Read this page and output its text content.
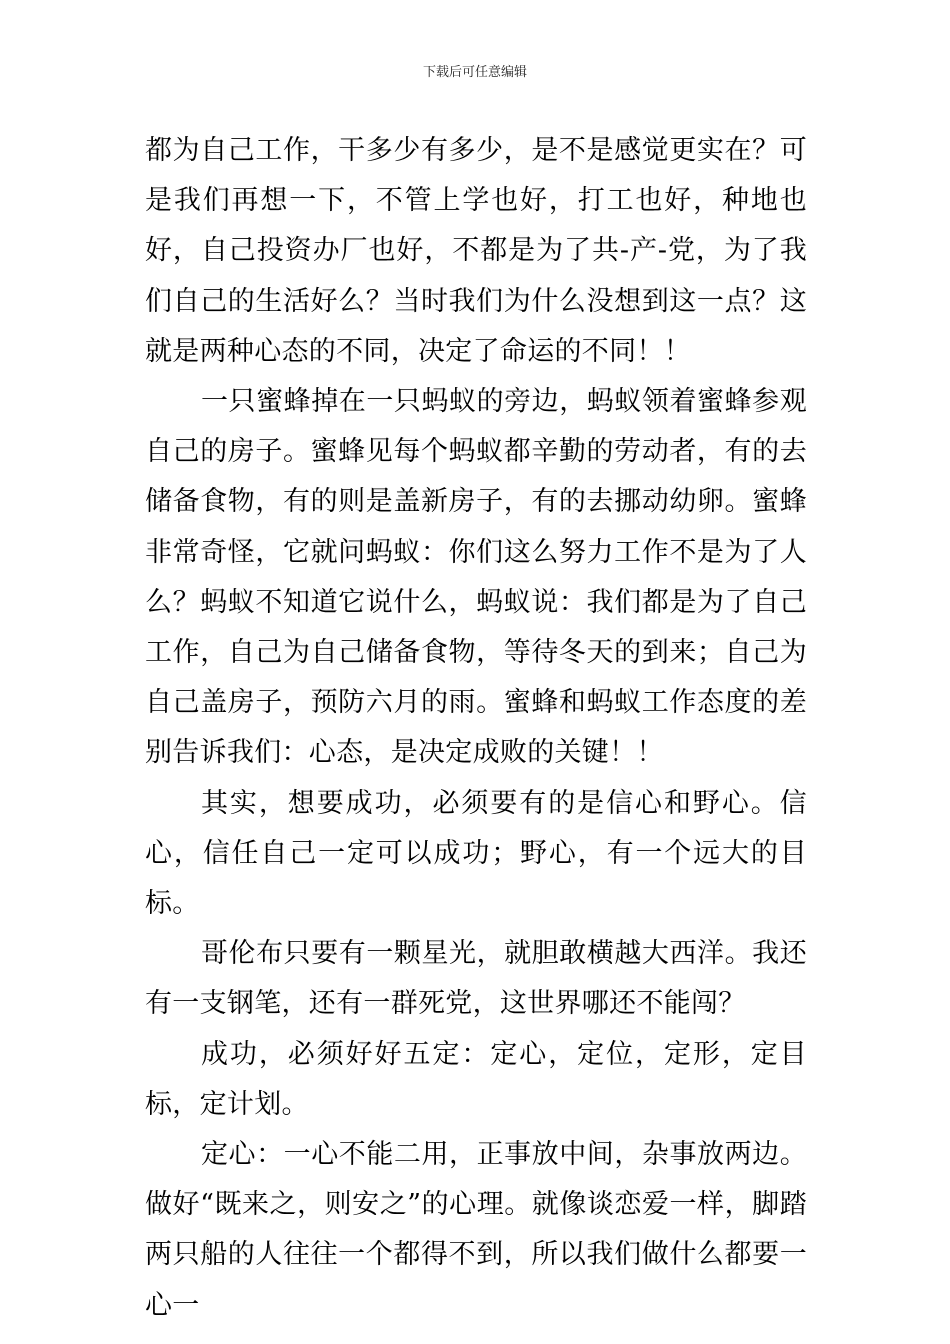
下载后可任意编辑

都为自己工作，干多少有多少，是不是感觉更实在？可是我们再想一下，不管上学也好，打工也好，种地也好，自己投资办厂也好，不都是为了共-产-党，为了我们自己的生活好么？当时我们为什么没想到这一点？这就是两种心态的不同，决定了命运的不同！！

一只蜜蜂掉在一只蚂蚁的旁边，蚂蚁领着蜜蜂参观自己的房子。蜜蜂见每个蚂蚁都辛勤的劳动者，有的去储备食物，有的则是盖新房子，有的去挪动幼卵。蜜蜂非常奇怪，它就问蚂蚁：你们这么努力工作不是为了人么？蚂蚁不知道它说什么，蚂蚁说：我们都是为了自己工作，自己为自己储备食物，等待冬天的到来；自己为自己盖房子，预防六月的雨。蜜蜂和蚂蚁工作态度的差别告诉我们：心态，是决定成败的关键！！

其实，想要成功，必须要有的是信心和野心。信心，信任自己一定可以成功；野心，有一个远大的目标。

哥伦布只要有一颗星光，就胆敢横越大西洋。我还有一支钢笔，还有一群死党，这世界哪还不能闯？

成功，必须好好五定：定心，定位，定形，定目标，定计划。

定心：一心不能二用，正事放中间，杂事放两边。做好“既来之，则安之”的心理。就像谈恋爱一样，脚踏两只船的人往往一个都得不到，所以我们做什么都要一心一
